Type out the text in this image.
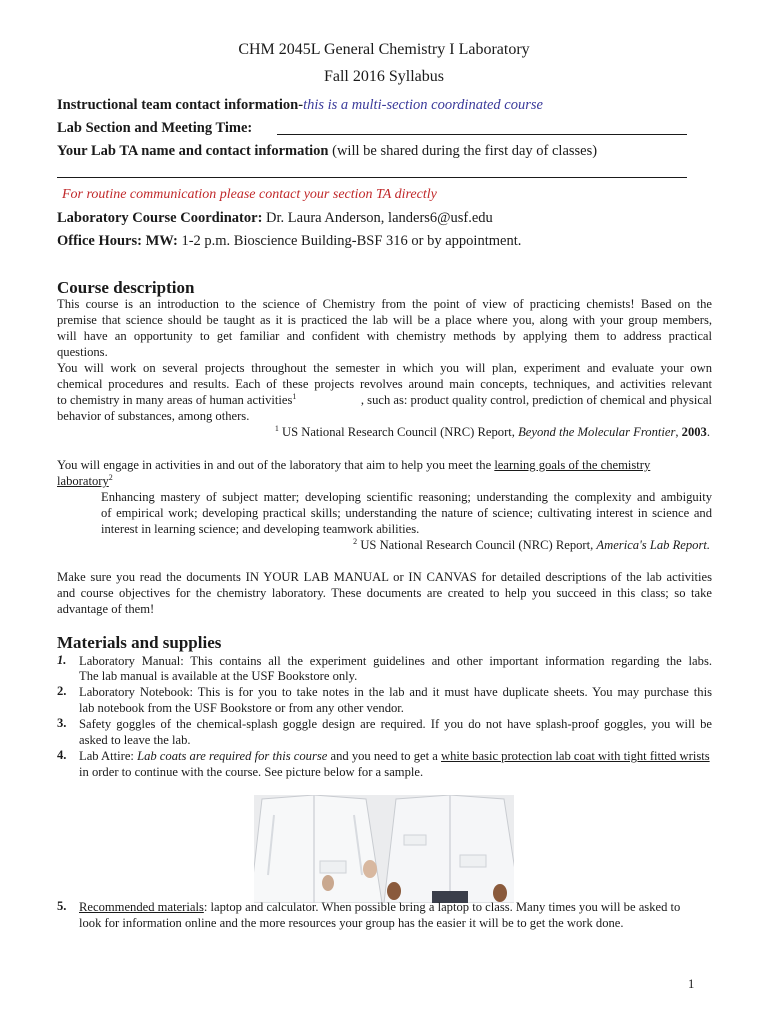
CHM 2045L General Chemistry I Laboratory
Fall 2016 Syllabus
Instructional team contact information-this is a multi-section coordinated course
Lab Section and Meeting Time:
Your Lab TA name and contact information (will be shared during the first day of classes)
For routine communication please contact your section TA directly
Laboratory Course Coordinator: Dr. Laura Anderson, landers6@usf.edu
Office Hours: MW: 1-2 p.m. Bioscience Building-BSF 316 or by appointment.
Course description
This course is an introduction to the science of Chemistry from the point of view of practicing chemists! Based on the
premise that science should be taught as it is practiced the lab will be a place where you, along with your group members,
will have an opportunity to get familiar and confident with chemistry methods by applying them to address practical
questions.
You will work on several projects throughout the semester in which you will plan, experiment and evaluate your own
chemical procedures and results. Each of these projects revolves around main concepts, techniques, and activities relevant
to chemistry in many areas of human activities$^1$	, such as: product quality control, prediction of chemical and physical
behavior of substances, among others.
$^1$ US National Research Council (NRC) Report, Beyond the Molecular Frontier, 2003.
You will engage in activities in and out of the laboratory that aim to help you meet the learning goals of the chemistry
laboratory$^2$
Enhancing mastery of subject matter; developing scientific reasoning; understanding the complexity and ambiguity
of empirical work; developing practical skills; understanding the nature of science; cultivating interest in science and
interest in learning science; and developing teamwork abilities.
$^2$ US National Research Council (NRC) Report, America's Lab Report.
Make sure you read the documents IN YOUR LAB MANUAL or IN CANVAS for detailed descriptions of the lab activities
and course objectives for the chemistry laboratory. These documents are created to help you succeed in this class; so take
advantage of them!
Materials and supplies
1. Laboratory Manual: This contains all the experiment guidelines and other important information regarding the labs.
The lab manual is available at the USF Bookstore only.
2. Laboratory Notebook: This is for you to take notes in the lab and it must have duplicate sheets. You may purchase this
lab notebook from the USF Bookstore or from any other vendor.
3. Safety goggles of the chemical-splash goggle design are required. If you do not have splash-proof goggles, you will be
asked to leave the lab.
4. Lab Attire: Lab coats are required for this course and you need to get a white basic protection lab coat with tight fitted wrists
in order to continue with the course. See picture below for a sample.
5. Recommended materials: laptop and calculator. When possible bring a laptop to class. Many times you will be asked to
look for information online and the more resources your group has the easier it will be to get the work done.
1
